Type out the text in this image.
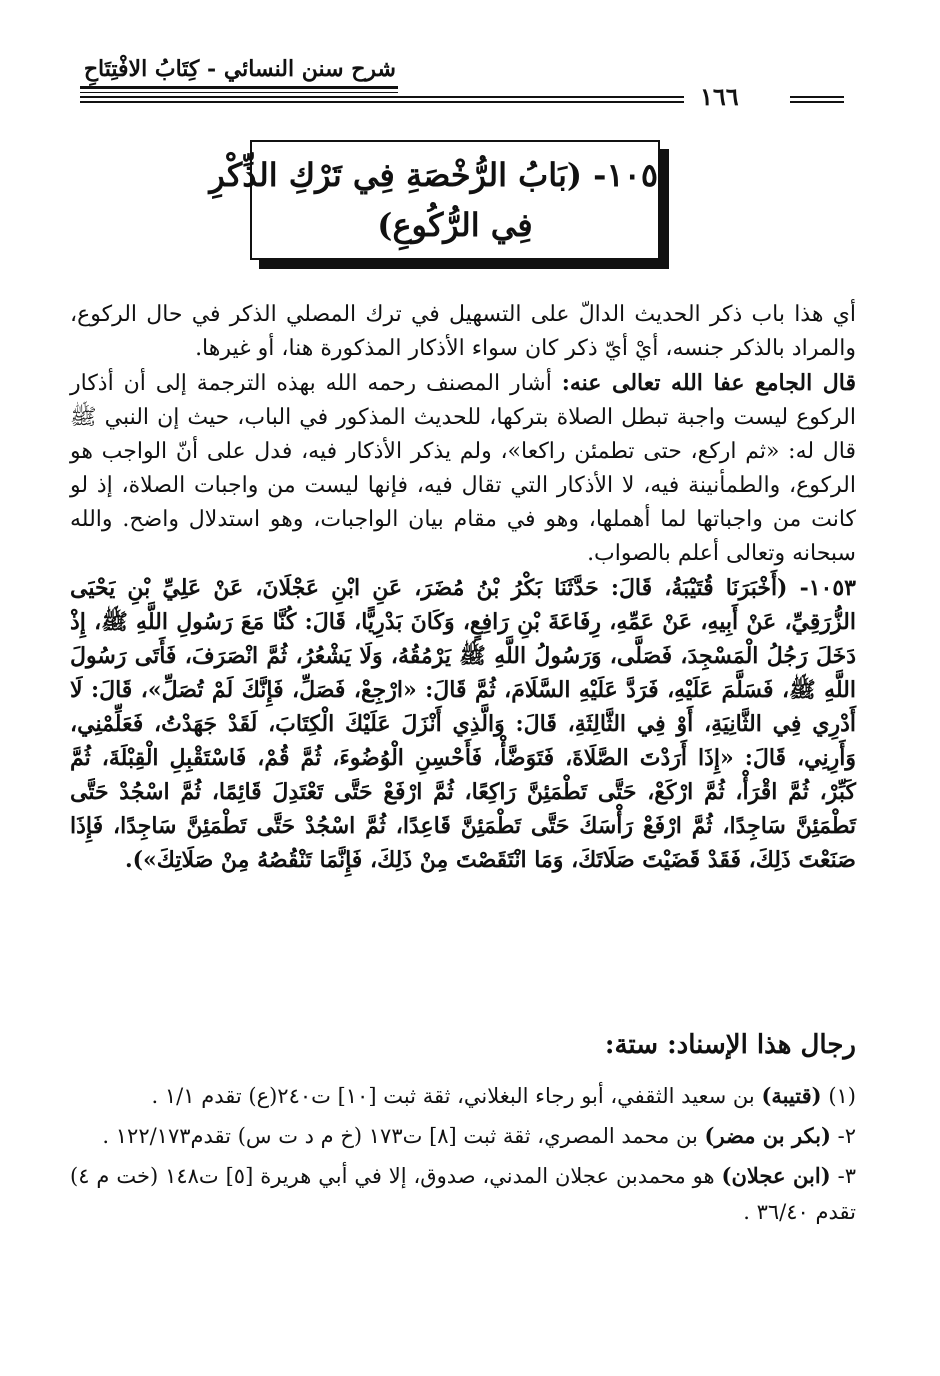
شرح سنن النسائي - كِتَابُ الافْتِتَاحِ
١٦٦
١٠٥- (بَابُ الرُّخْصَةِ فِي تَرْكِ الذِّكْرِ
فِي الرُّكُوعِ)

أي هذا باب ذكر الحديث الدالّ على التسهيل في ترك المصلي الذكر في حال الركوع، والمراد بالذكر جنسه، أيْ أيّ ذكر كان سواء الأذكار المذكورة هنا، أو غيرها.

قال الجامع عفا الله تعالى عنه: أشار المصنف رحمه الله بهذه الترجمة إلى أن أذكار الركوع ليست واجبة تبطل الصلاة بتركها، للحديث المذكور في الباب، حيث إن النبي ﷺ قال له: «ثم اركع، حتى تطمئن راكعا»، ولم يذكر الأذكار فيه، فدل على أنّ الواجب هو الركوع، والطمأنينة فيه، لا الأذكار التي تقال فيه، فإنها ليست من واجبات الصلاة، إذ لو كانت من واجباتها لما أهملها، وهو في مقام بيان الواجبات، وهو استدلال واضح. والله سبحانه وتعالى أعلم بالصواب.

١٠٥٣- (أَخْبَرَنَا قُتَيْبَةُ، قَالَ: حَدَّثَنَا بَكْرُ بْنُ مُضَرَ، عَنِ ابْنِ عَجْلَانَ، عَنْ عَلِيِّ بْنِ يَحْيَى الزُّرَقِيِّ، عَنْ أَبِيهِ، عَنْ عَمِّهِ، رِفَاعَةَ بْنِ رَافِعٍ، وَكَانَ بَدْرِيًّا، قَالَ: كُنَّا مَعَ رَسُولِ اللَّهِ ﷺ، إِذْ دَخَلَ رَجُلُ الْمَسْجِدَ، فَصَلَّى، وَرَسُولُ اللَّهِ ﷺ يَرْمُقُهُ، وَلَا يَشْعُرُ، ثُمَّ انْصَرَفَ، فَأَتَى رَسُولَ اللَّهِ ﷺ، فَسَلَّمَ عَلَيْهِ، فَرَدَّ عَلَيْهِ السَّلَامَ، ثُمَّ قَالَ: «ارْجِعْ، فَصَلِّ، فَإِنَّكَ لَمْ تُصَلِّ»، قَالَ: لَا أَدْرِي فِي الثَّانِيَةِ، أَوْ فِي الثَّالِثَةِ، قَالَ: وَالَّذِي أَنْزَلَ عَلَيْكَ الْكِتَابَ، لَقَدْ جَهَدْتُ، فَعَلِّمْنِي، وَأَرِنِي، قَالَ: «إِذَا أَرَدْتَ الصَّلَاةَ، فَتَوَضَّأْ، فَأَحْسِنِ الْوُضُوءَ، ثُمَّ قُمْ، فَاسْتَقْبِلِ الْقِبْلَةَ، ثُمَّ كَبِّرْ، ثُمَّ اقْرَأْ، ثُمَّ ارْكَعْ، حَتَّى تَطْمَئِنَّ رَاكِعًا، ثُمَّ ارْفَعْ حَتَّى تَعْتَدِلَ قَائِمًا، ثُمَّ اسْجُدْ حَتَّى تَطْمَئِنَّ سَاجِدًا، ثُمَّ ارْفَعْ رَأْسَكَ حَتَّى تَطْمَئِنَّ قَاعِدًا، ثُمَّ اسْجُدْ حَتَّى تَطْمَئِنَّ سَاجِدًا، فَإِذَا صَنَعْتَ ذَلِكَ، فَقَدْ قَضَيْتَ صَلَاتَكَ، وَمَا انْتَقَصْتَ مِنْ ذَلِكَ، فَإِنَّمَا تَنْقُصُهُ مِنْ صَلَاتِكَ»).

رجال هذا الإسناد: ستة:

(١) (قتيبة) بن سعيد الثقفي، أبو رجاء البغلاني، ثقة ثبت [١٠] ت٢٤٠(ع) تقدم ١/١ .

٢- (بكر بن مضر) بن محمد المصري، ثقة ثبت [٨] ت١٧٣ (خ م د ت س) تقدم١٢٢/١٧٣ .

٣- (ابن عجلان) هو محمدبن عجلان المدني، صدوق، إلا في أبي هريرة [٥] ت١٤٨ (خت م ٤) تقدم ٣٦/٤٠ .
